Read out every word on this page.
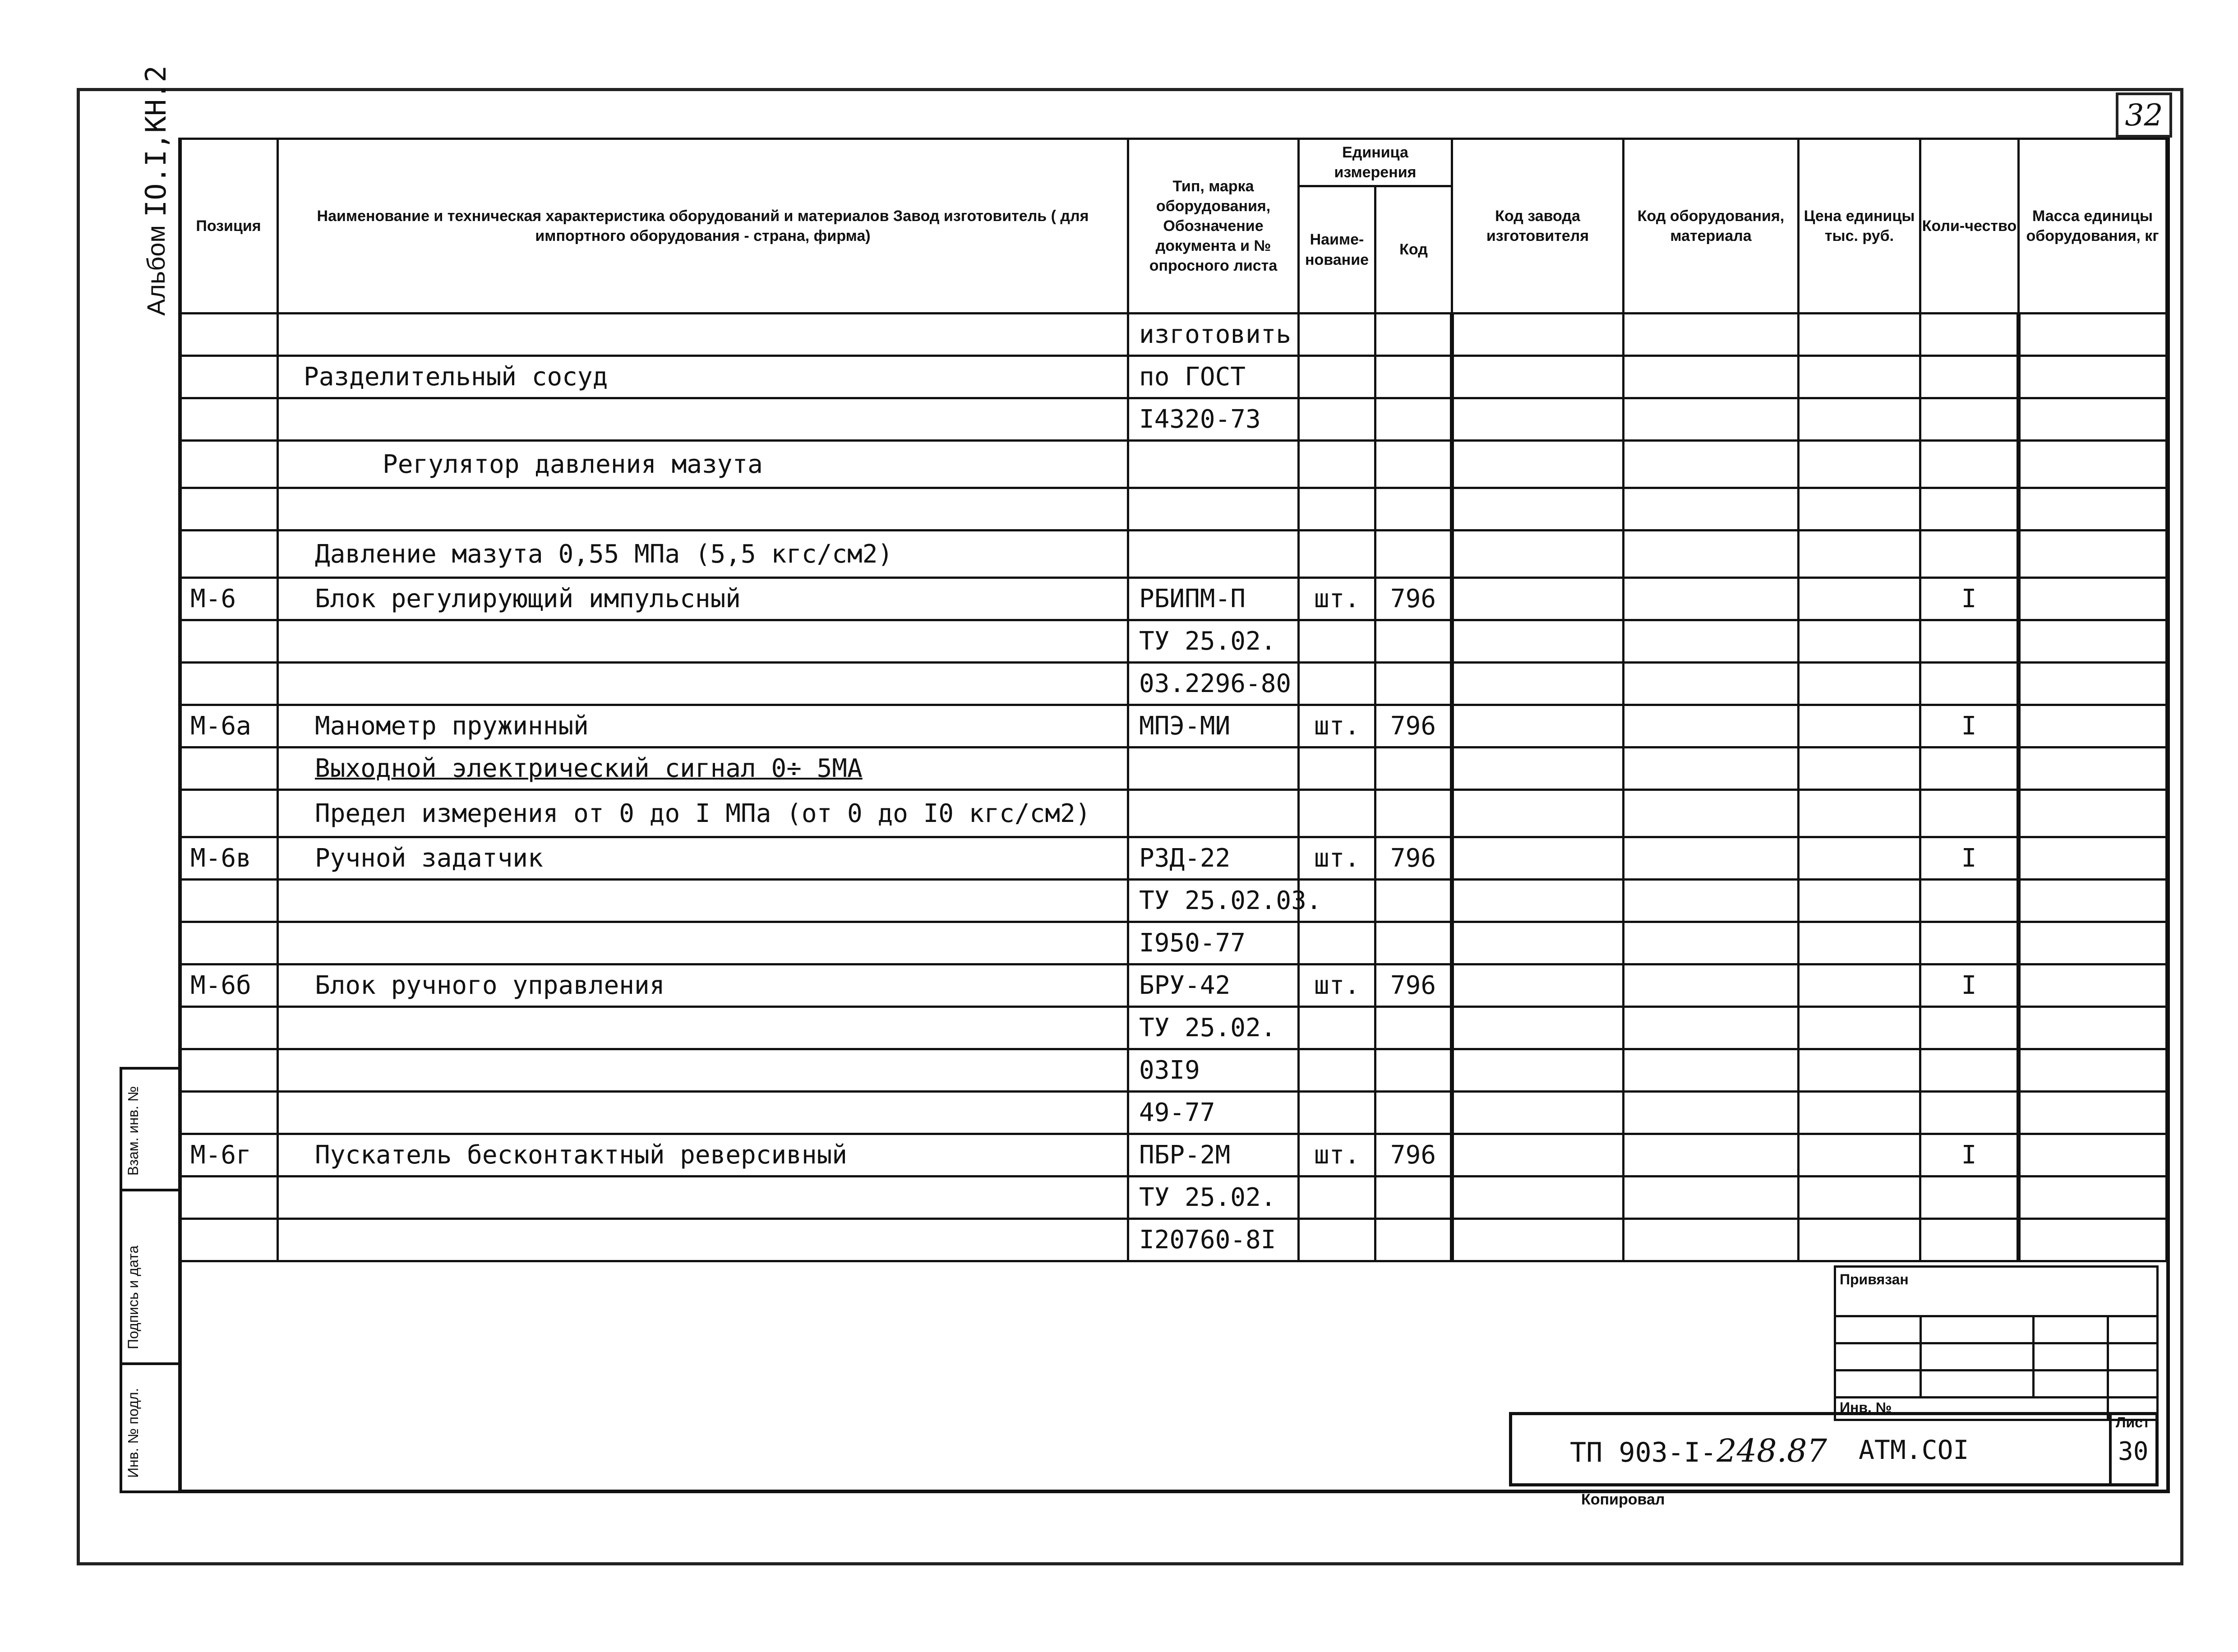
32
Альбом
IO.I,КН.2
Взам. инв. №
Подпись и дата
Инв. № подл.
Позиция	Наименование и техническая характеристика оборудований и материалов Завод изготовитель ( для импортного оборудования - страна, фирма)	Тип, марка оборудования, Обозначение документа и № опросного листа	Единица измерения		Код завода изготовителя	Код оборудования, материала	Цена единицы тыс. руб.	Коли-чество	Масса единицы оборудования, кг
			Наиме-нование	Код					
		изготовить							
	Разделительный сосуд	по ГОСТ							
		I4320-73							
	Регулятор давления мазута								

	Давление мазута 0,55 МПа (5,5 кгс/см2)								
М-6	Блок регулирующий импульсный	РБИПМ-П	шт.	796				I	
		ТУ 25.02.							
		03.2296-80							
М-6а	Манометр пружинный	МПЭ-МИ	шт.	796				I	
	Выходной электрический сигнал 0÷ 5МА								
	Предел измерения от 0 до I МПа (от 0 до I0 кгс/см2)								
М-6в	Ручной задатчик	РЗД-22	шт.	796				I	
		ТУ 25.02.03.							
		I950-77							
М-6б	Блок ручного управления	БРУ-42	шт.	796				I	
		ТУ 25.02.							
		03I9							
		49-77							
М-6г	Пускатель бесконтактный реверсивный	ПБР-2М	шт.	796				I	
		ТУ 25.02.							
		I20760-8I							
Привязан
Инв. №
ТП 903-I-248.87 АТМ.СОI
Лист
30
Копировал
